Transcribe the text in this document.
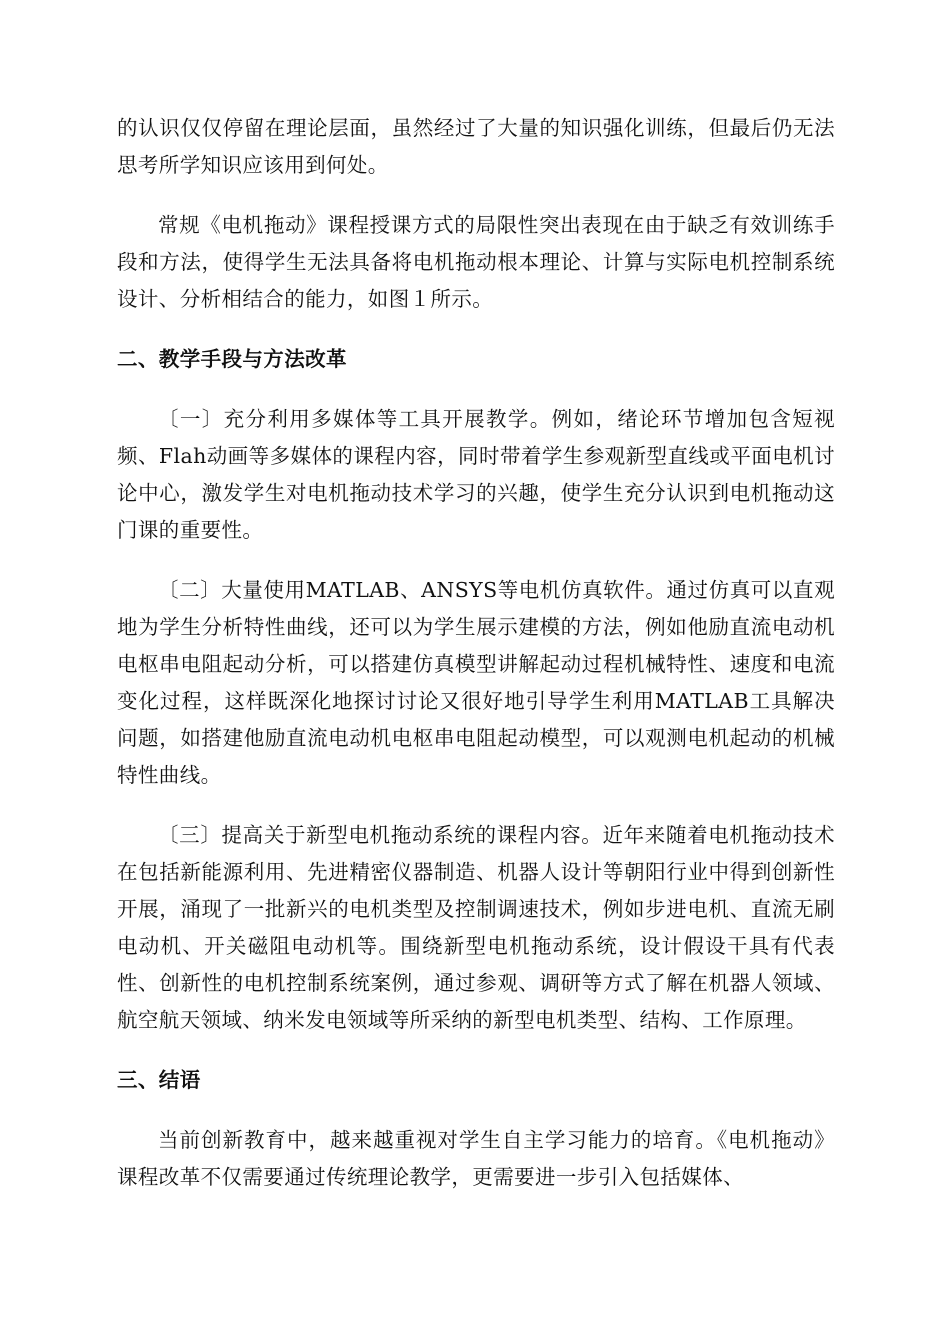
的认识仅仅停留在理论层面，虽然经过了大量的知识强化训练，但最后仍无法思考所学知识应该用到何处。

常规《电机拖动》课程授课方式的局限性突出表现在由于缺乏有效训练手段和方法，使得学生无法具备将电机拖动根本理论、计算与实际电机控制系统设计、分析相结合的能力，如图１所示。

二、教学手段与方法改革

〔一〕充分利用多媒体等工具开展教学。例如，绪论环节增加包含短视频、Flah动画等多媒体的课程内容，同时带着学生参观新型直线或平面电机讨论中心，激发学生对电机拖动技术学习的兴趣，使学生充分认识到电机拖动这门课的重要性。

〔二〕大量使用MATLAB、ANSYS等电机仿真软件。通过仿真可以直观地为学生分析特性曲线，还可以为学生展示建模的方法，例如他励直流电动机电枢串电阻起动分析，可以搭建仿真模型讲解起动过程机械特性、速度和电流变化过程，这样既深化地探讨讨论又很好地引导学生利用MATLAB工具解决问题，如搭建他励直流电动机电枢串电阻起动模型，可以观测电机起动的机械特性曲线。

〔三〕提高关于新型电机拖动系统的课程内容。近年来随着电机拖动技术在包括新能源利用、先进精密仪器制造、机器人设计等朝阳行业中得到创新性开展，涌现了一批新兴的电机类型及控制调速技术，例如步进电机、直流无刷电动机、开关磁阻电动机等。围绕新型电机拖动系统，设计假设干具有代表性、创新性的电机控制系统案例，通过参观、调研等方式了解在机器人领域、航空航天领域、纳米发电领域等所采纳的新型电机类型、结构、工作原理。

三、结语

当前创新教育中，越来越重视对学生自主学习能力的培育。《电机拖动》课程改革不仅需要通过传统理论教学，更需要进一步引入包括媒体、
